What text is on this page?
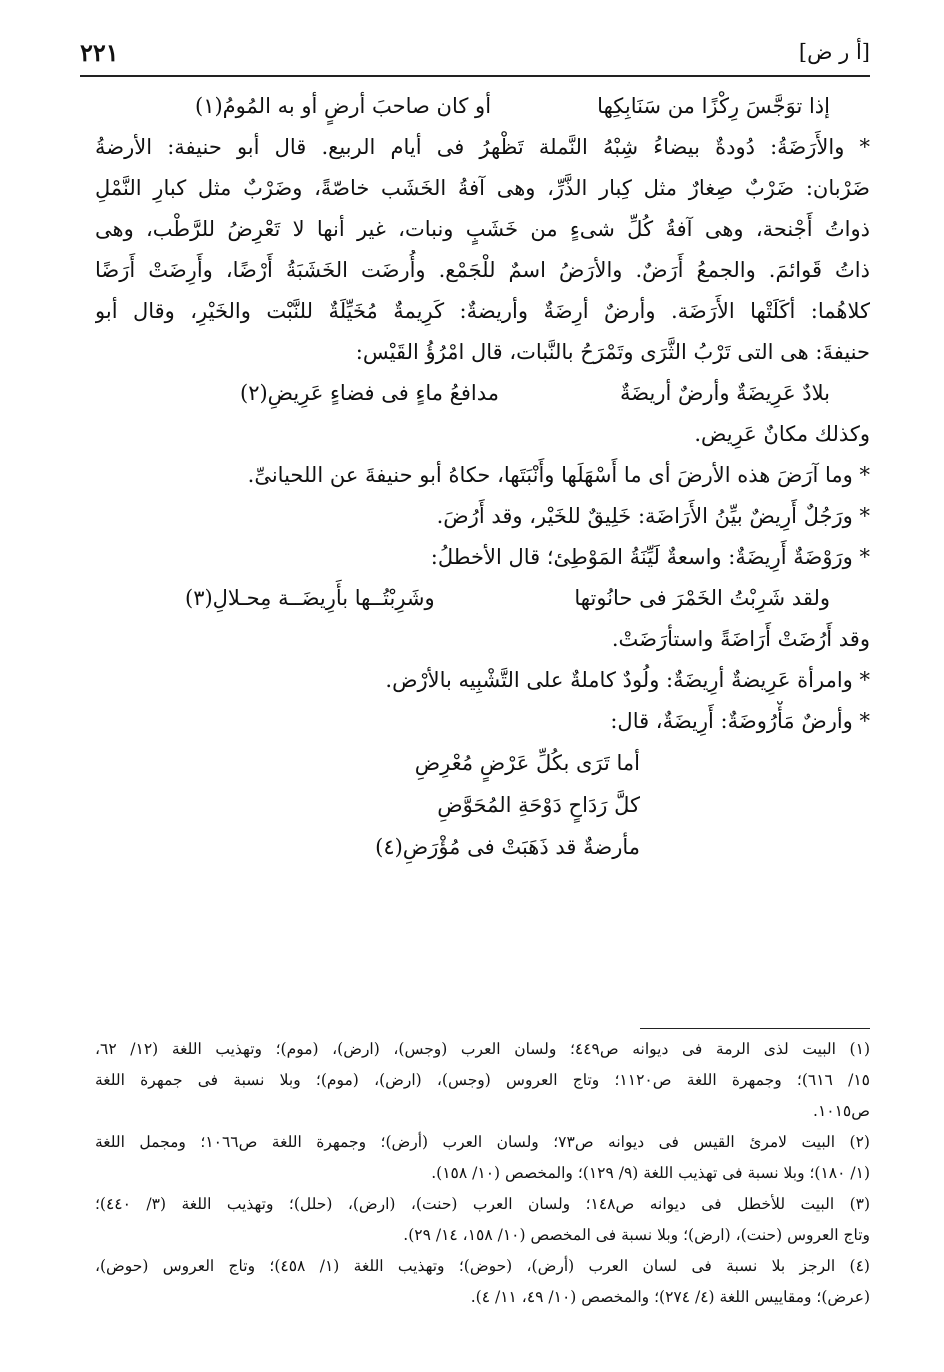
٢٢١	[أ ر ض]
إذا توَجَّسَ رِكْزًا من سَنَابِكِها
أو كان صاحبَ أرضٍ أو به المُومُ(١)
* والأَرَضَةُ: دُودةٌ بيضاءُ شِبْهُ النَّملة تَظْهرُ فى أيام الربيع. قال أبو حنيفة: الأرضةُ
ضَرْبان: ضَرْبٌ صِغارٌ مثل كِبار الذَّرِّ، وهى آفةُ الخَشَب خاصّةً، وضَرْبٌ مثل كبارِ النَّمْلِ
ذواتُ أَجْنحة، وهى آفةُ كُلِّ شىءٍ من خَشَبٍ ونبات، غير أنها لا تَعْرِضُ للرَّطْب، وهى
ذاتُ قَوائمَ. والجمعُ أَرَضٌ. والأرَضُ اسمٌ للْجَمْع. وأُرضَت الخَشَبَةُ أَرْضًا، وأَرِضَتْ أَرَضًا
كلاهُما: أكَلَتْها الأَرَضَة. وأرضٌ أرِضَةٌ وأريضةٌ: كَرِيمةٌ مُخَيِّلَةٌ للنَّبْت والخَيْرِ، وقال أبو
حنيفةَ: هى التى تَرْبُ الثَّرَى وتَمْرَحُ بالنَّبات، قال امْرُؤُ القَيْس:
بلادٌ عَرِيضَةٌ وأرضٌ أريضَةٌ
مدافعُ ماءٍ فى فضاءٍ عَرِيضِ(٢)
وكذلك مكانٌ عَرِيض.
* وما آرَضَ هذه الأرضَ أى ما أَسْهَلَها وأَنْبَتَها، حكاهُ أبو حنيفةَ عن اللحيانىِّ.
* ورَجُلٌ أَرِيضٌ بيِّنُ الأَرَاضَة: خَلِيقٌ للخَيْر، وقد أَرُضَ.
* ورَوْضَةٌ أَرِيضَةٌ: واسعةٌ لَيِّنَةُ المَوْطِئ؛ قال الأخطلُ:
ولقد شَرِبْتُ الخَمْرَ فى حانُوتها
وشَرِبْتُــها بأَرِيضَــة مِحـلالِ(٣)
وقد أَرُضَتْ أَرَاضَةً واستأرَضَتْ.
* وامرأة عَرِيضةٌ أرِيضَةٌ: ولُودٌ كاملةٌ على التَّشْبِيه بالأرْض.
* وأرضٌ مَأْرُوضَةٌ: أَرِيضَةٌ، قال:
أما تَرَى بكُلِّ عَرْضٍ مُعْرِضِ
كلَّ رَدَاحٍ دَوْحَةِ المُحَوَّضِ
مأرضةٌ قد ذَهَبَتْ فى مُؤْرَضِ(٤)
(١) البيت لذى الرمة فى ديوانه ص٤٤٩؛ ولسان العرب (وجس)، (ارض)، (موم)؛ وتهذيب اللغة (١٢/ ٦٢،
١٥/ ٦١٦)؛ وجمهرة اللغة ص١١٢٠؛ وتاج العروس (وجس)، (ارض)، (موم)؛ وبلا نسبة فى جمهرة اللغة
ص١٠١٥.
(٢) البيت لامرئ القيس فى ديوانه ص٧٣؛ ولسان العرب (أرض)؛ وجمهرة اللغة ص١٠٦٦؛ ومجمل اللغة
(١/ ١٨٠)؛ وبلا نسبة فى تهذيب اللغة (٩/ ١٢٩)؛ والمخصص (١٠/ ١٥٨).
(٣) البيت للأخطل فى ديوانه ص١٤٨؛ ولسان العرب (حنت)، (ارض)، (حلل)؛ وتهذيب اللغة (٣/ ٤٤٠)؛
وتاج العروس (حنت)، (ارض)؛ وبلا نسبة فى المخصص (١٠/ ١٥٨، ١٤/ ٢٩).
(٤) الرجز بلا نسبة فى لسان العرب (أرض)، (حوض)؛ وتهذيب اللغة (١/ ٤٥٨)؛ وتاج العروس (حوض)،
(عرض)؛ ومقاييس اللغة (٤/ ٢٧٤)؛ والمخصص (١٠/ ٤٩، ١١/ ٤).
